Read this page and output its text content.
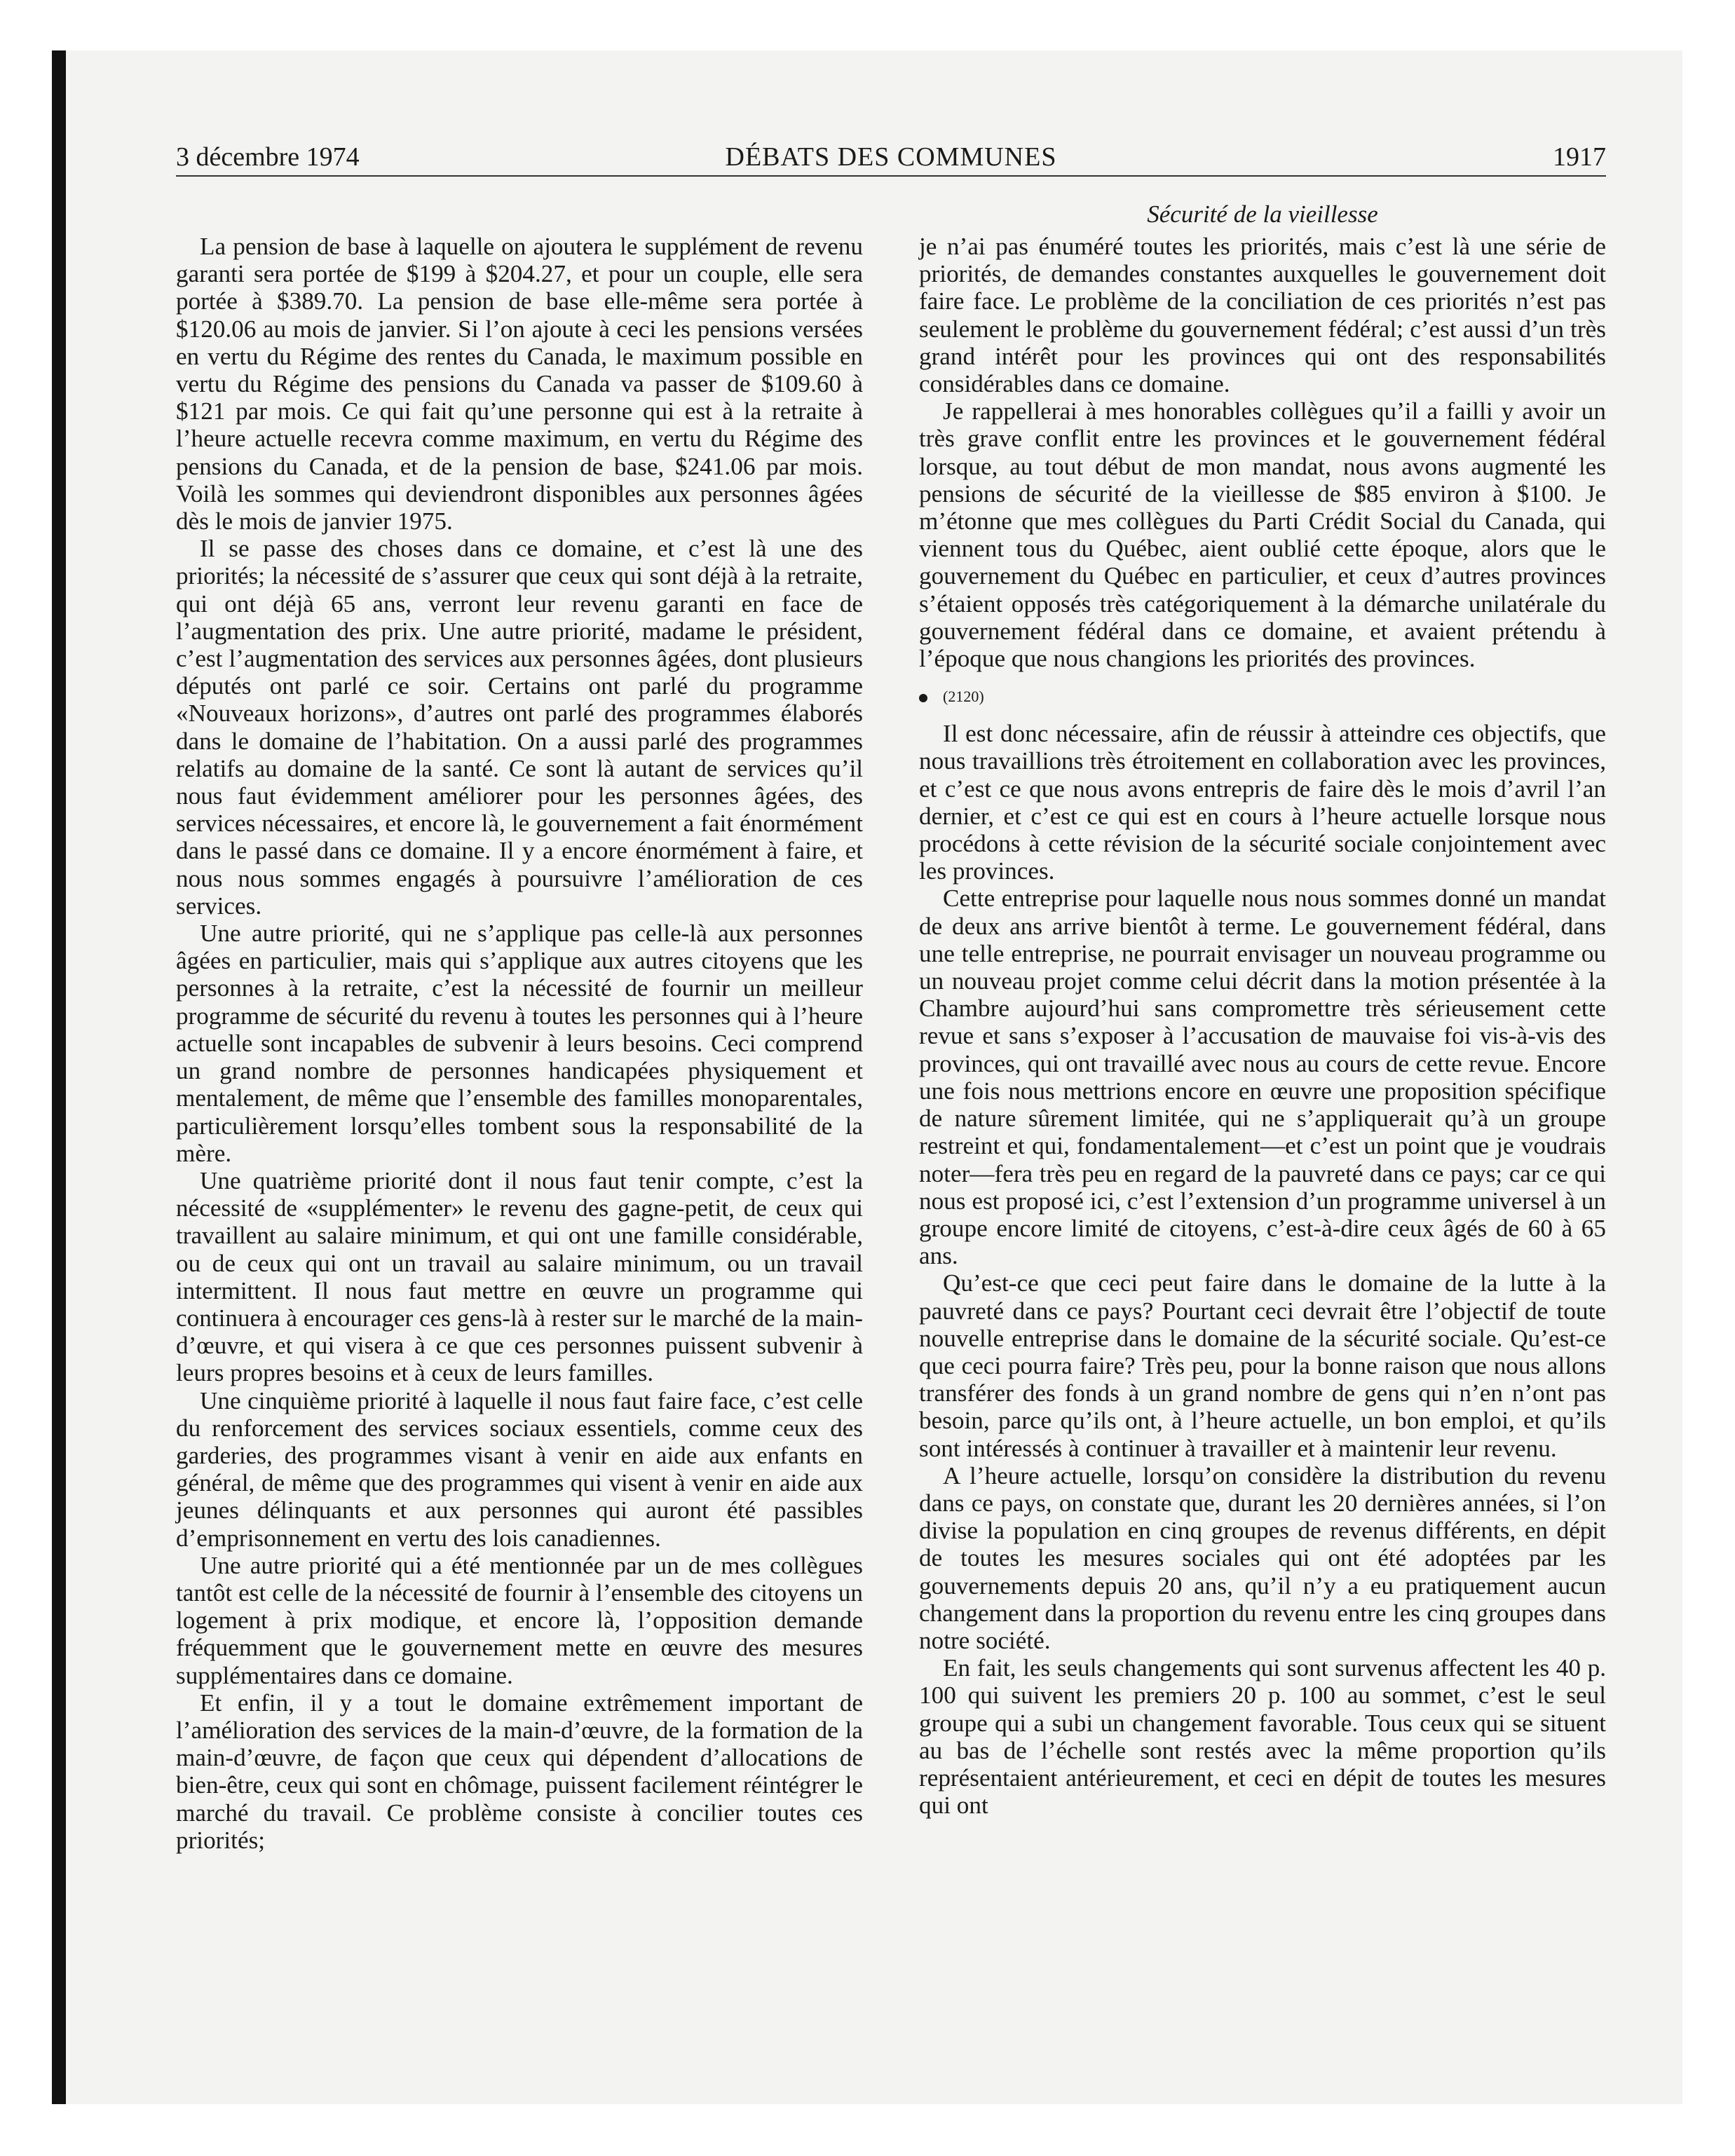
3 décembre 1974	DÉBATS DES COMMUNES	1917
Sécurité de la vieillesse

La pension de base à laquelle on ajoutera le supplément de revenu garanti sera portée de $199 à $204.27, et pour un couple, elle sera portée à $389.70. La pension de base elle-même sera portée à $120.06 au mois de janvier. Si l’on ajoute à ceci les pensions versées en vertu du Régime des rentes du Canada, le maximum possible en vertu du Régime des pensions du Canada va passer de $109.60 à $121 par mois. Ce qui fait qu’une personne qui est à la retraite à l’heure actuelle recevra comme maximum, en vertu du Régime des pensions du Canada, et de la pension de base, $241.06 par mois. Voilà les sommes qui deviendront disponibles aux personnes âgées dès le mois de janvier 1975.

Il se passe des choses dans ce domaine, et c’est là une des priorités; la nécessité de s’assurer que ceux qui sont déjà à la retraite, qui ont déjà 65 ans, verront leur revenu garanti en face de l’augmentation des prix. Une autre priorité, madame le président, c’est l’augmentation des services aux personnes âgées, dont plusieurs députés ont parlé ce soir. Certains ont parlé du programme «Nouveaux horizons», d’autres ont parlé des programmes élaborés dans le domaine de l’habitation. On a aussi parlé des programmes relatifs au domaine de la santé. Ce sont là autant de services qu’il nous faut évidemment améliorer pour les personnes âgées, des services nécessaires, et encore là, le gouvernement a fait énormément dans le passé dans ce domaine. Il y a encore énormément à faire, et nous nous sommes engagés à poursuivre l’amélioration de ces services.

Une autre priorité, qui ne s’applique pas celle-là aux personnes âgées en particulier, mais qui s’applique aux autres citoyens que les personnes à la retraite, c’est la nécessité de fournir un meilleur programme de sécurité du revenu à toutes les personnes qui à l’heure actuelle sont incapables de subvenir à leurs besoins. Ceci comprend un grand nombre de personnes handicapées physiquement et mentalement, de même que l’ensemble des familles monoparentales, particulièrement lorsqu’elles tombent sous la responsabilité de la mère.

Une quatrième priorité dont il nous faut tenir compte, c’est la nécessité de «supplémenter» le revenu des gagne-petit, de ceux qui travaillent au salaire minimum, et qui ont une famille considérable, ou de ceux qui ont un travail au salaire minimum, ou un travail intermittent. Il nous faut mettre en œuvre un programme qui continuera à encourager ces gens-là à rester sur le marché de la main-d’œuvre, et qui visera à ce que ces personnes puissent subvenir à leurs propres besoins et à ceux de leurs familles.

Une cinquième priorité à laquelle il nous faut faire face, c’est celle du renforcement des services sociaux essentiels, comme ceux des garderies, des programmes visant à venir en aide aux enfants en général, de même que des programmes qui visent à venir en aide aux jeunes délinquants et aux personnes qui auront été passibles d’emprisonnement en vertu des lois canadiennes.

Une autre priorité qui a été mentionnée par un de mes collègues tantôt est celle de la nécessité de fournir à l’ensemble des citoyens un logement à prix modique, et encore là, l’opposition demande fréquemment que le gouvernement mette en œuvre des mesures supplémentaires dans ce domaine.

Et enfin, il y a tout le domaine extrêmement important de l’amélioration des services de la main-d’œuvre, de la formation de la main-d’œuvre, de façon que ceux qui dépendent d’allocations de bien-être, ceux qui sont en chômage, puissent facilement réintégrer le marché du travail. Ce problème consiste à concilier toutes ces priorités;

je n’ai pas énuméré toutes les priorités, mais c’est là une série de priorités, de demandes constantes auxquelles le gouvernement doit faire face. Le problème de la conciliation de ces priorités n’est pas seulement le problème du gouvernement fédéral; c’est aussi d’un très grand intérêt pour les provinces qui ont des responsabilités considérables dans ce domaine.

Je rappellerai à mes honorables collègues qu’il a failli y avoir un très grave conflit entre les provinces et le gouvernement fédéral lorsque, au tout début de mon mandat, nous avons augmenté les pensions de sécurité de la vieillesse de $85 environ à $100. Je m’étonne que mes collègues du Parti Crédit Social du Canada, qui viennent tous du Québec, aient oublié cette époque, alors que le gouvernement du Québec en particulier, et ceux d’autres provinces s’étaient opposés très catégoriquement à la démarche unilatérale du gouvernement fédéral dans ce domaine, et avaient prétendu à l’époque que nous changions les priorités des provinces.

(2120)

Il est donc nécessaire, afin de réussir à atteindre ces objectifs, que nous travaillions très étroitement en collaboration avec les provinces, et c’est ce que nous avons entrepris de faire dès le mois d’avril l’an dernier, et c’est ce qui est en cours à l’heure actuelle lorsque nous procédons à cette révision de la sécurité sociale conjointement avec les provinces.

Cette entreprise pour laquelle nous nous sommes donné un mandat de deux ans arrive bientôt à terme. Le gouvernement fédéral, dans une telle entreprise, ne pourrait envisager un nouveau programme ou un nouveau projet comme celui décrit dans la motion présentée à la Chambre aujourd’hui sans compromettre très sérieusement cette revue et sans s’exposer à l’accusation de mauvaise foi vis-à-vis des provinces, qui ont travaillé avec nous au cours de cette revue. Encore une fois nous mettrions encore en œuvre une proposition spécifique de nature sûrement limitée, qui ne s’appliquerait qu’à un groupe restreint et qui, fondamentalement—et c’est un point que je voudrais noter—fera très peu en regard de la pauvreté dans ce pays; car ce qui nous est proposé ici, c’est l’extension d’un programme universel à un groupe encore limité de citoyens, c’est-à-dire ceux âgés de 60 à 65 ans.

Qu’est-ce que ceci peut faire dans le domaine de la lutte à la pauvreté dans ce pays? Pourtant ceci devrait être l’objectif de toute nouvelle entreprise dans le domaine de la sécurité sociale. Qu’est-ce que ceci pourra faire? Très peu, pour la bonne raison que nous allons transférer des fonds à un grand nombre de gens qui n’en n’ont pas besoin, parce qu’ils ont, à l’heure actuelle, un bon emploi, et qu’ils sont intéressés à continuer à travailler et à maintenir leur revenu.

A l’heure actuelle, lorsqu’on considère la distribution du revenu dans ce pays, on constate que, durant les 20 dernières années, si l’on divise la population en cinq groupes de revenus différents, en dépit de toutes les mesures sociales qui ont été adoptées par les gouvernements depuis 20 ans, qu’il n’y a eu pratiquement aucun changement dans la proportion du revenu entre les cinq groupes dans notre société.

En fait, les seuls changements qui sont survenus affectent les 40 p. 100 qui suivent les premiers 20 p. 100 au sommet, c’est le seul groupe qui a subi un changement favorable. Tous ceux qui se situent au bas de l’échelle sont restés avec la même proportion qu’ils représentaient antérieurement, et ceci en dépit de toutes les mesures qui ont
